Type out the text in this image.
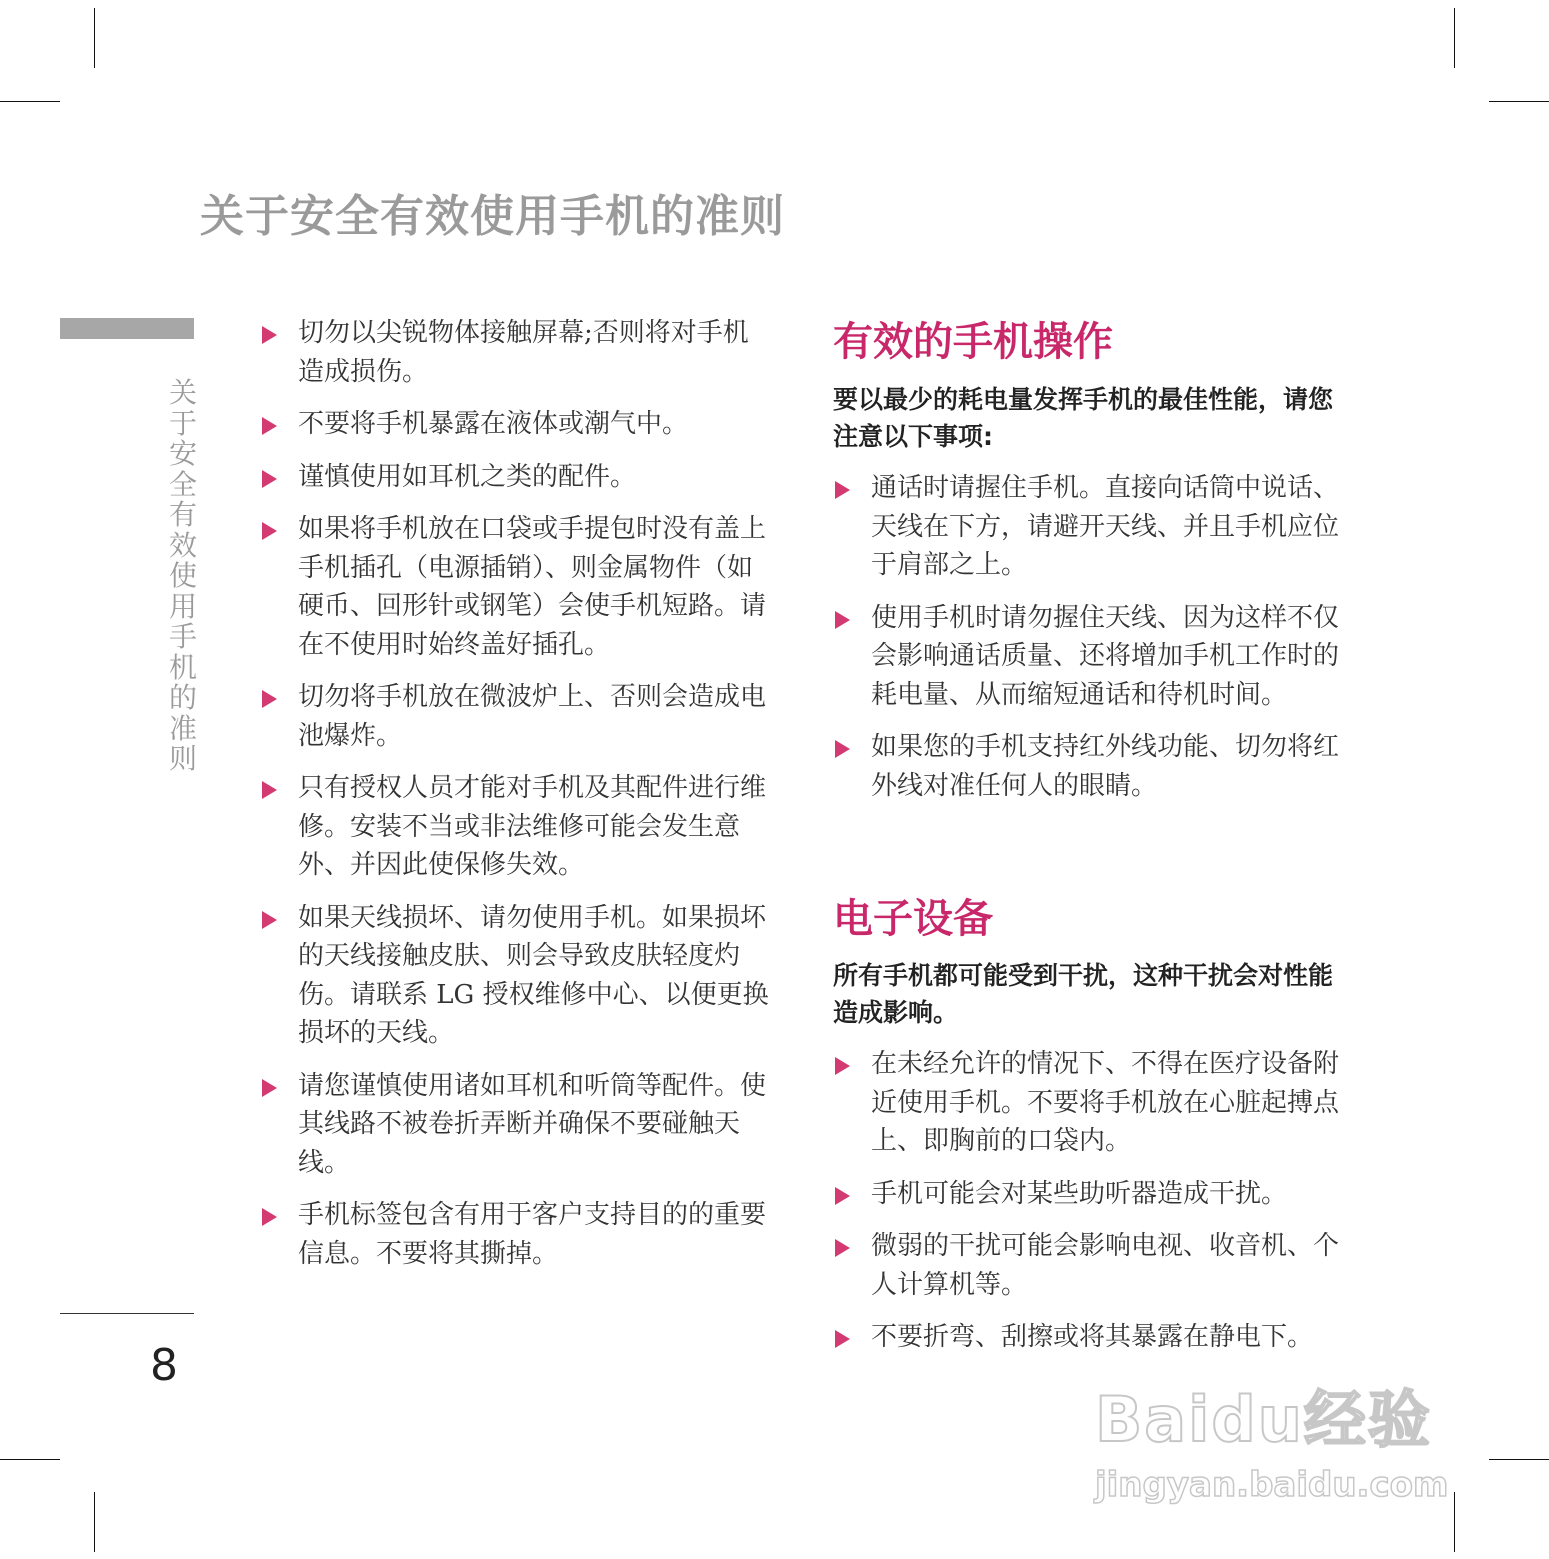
关于安全有效使用手机的准则
关于安全有效使用手机的准则
切勿以尖锐物体接触屏幕;否则将对手机造成损伤。
不要将手机暴露在液体或潮气中。
谨慎使用如耳机之类的配件。
如果将手机放在口袋或手提包时没有盖上手机插孔（电源插销）、则金属物件（如硬币、回形针或钢笔）会使手机短路。请在不使用时始终盖好插孔。
切勿将手机放在微波炉上、否则会造成电池爆炸。
只有授权人员才能对手机及其配件进行维修。安装不当或非法维修可能会发生意外、并因此使保修失效。
如果天线损坏、请勿使用手机。如果损坏的天线接触皮肤、则会导致皮肤轻度灼伤。请联系 LG 授权维修中心、以便更换损坏的天线。
请您谨慎使用诸如耳机和听筒等配件。使其线路不被卷折弄断并确保不要碰触天线。
手机标签包含有用于客户支持目的的重要信息。不要将其撕掉。
有效的手机操作
要以最少的耗电量发挥手机的最佳性能，请您注意以下事项:
通话时请握住手机。直接向话筒中说话、天线在下方，请避开天线、并且手机应位于肩部之上。
使用手机时请勿握住天线、因为这样不仅会影响通话质量、还将增加手机工作时的耗电量、从而缩短通话和待机时间。
如果您的手机支持红外线功能、切勿将红外线对准任何人的眼睛。
电子设备
所有手机都可能受到干扰，这种干扰会对性能造成影响。
在未经允许的情况下、不得在医疗设备附近使用手机。不要将手机放在心脏起搏点上、即胸前的口袋内。
手机可能会对某些助听器造成干扰。
微弱的干扰可能会影响电视、收音机、个人计算机等。
不要折弯、刮擦或将其暴露在静电下。
8
Baidu经验
jingyan.baidu.com
